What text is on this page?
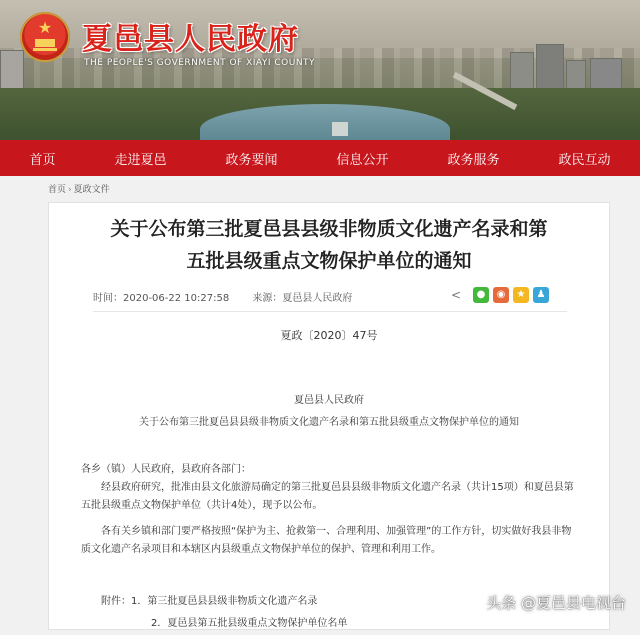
★ 夏邑县人民政府
THE PEOPLE'S GOVERNMENT OF XIAYI COUNTY
首页	走进夏邑	政务要闻	信息公开	政务服务	政民互动
首页 › 夏政文件
关于公布第三批夏邑县县级非物质文化遗产名录和第
五批县级重点文物保护单位的通知
时间：2020-06-22 10:27:58 来源：夏邑县人民政府	<	●	◉	★	♟
夏政〔2020〕47号
夏邑县人民政府
关于公布第三批夏邑县县级非物质文化遗产名录和第五批县级重点文物保护单位的通知

各乡（镇）人民政府，县政府各部门：

经县政府研究，批准由县文化旅游局确定的第三批夏邑县县级非物质文化遗产名录（共计15项）和夏邑县第五批县级重点文物保护单位（共计4处），现予以公布。

各有关乡镇和部门要严格按照“保护为主、抢救第一、合理利用、加强管理”的工作方针，切实做好我县非物质文化遗产名录项目和本辖区内县级重点文物保护单位的保护、管理和利用工作。

附件：1．第三批夏邑县县级非物质文化遗产名录
2．夏邑县第五批县级重点文物保护单位名单
头条 @夏邑县电视台
